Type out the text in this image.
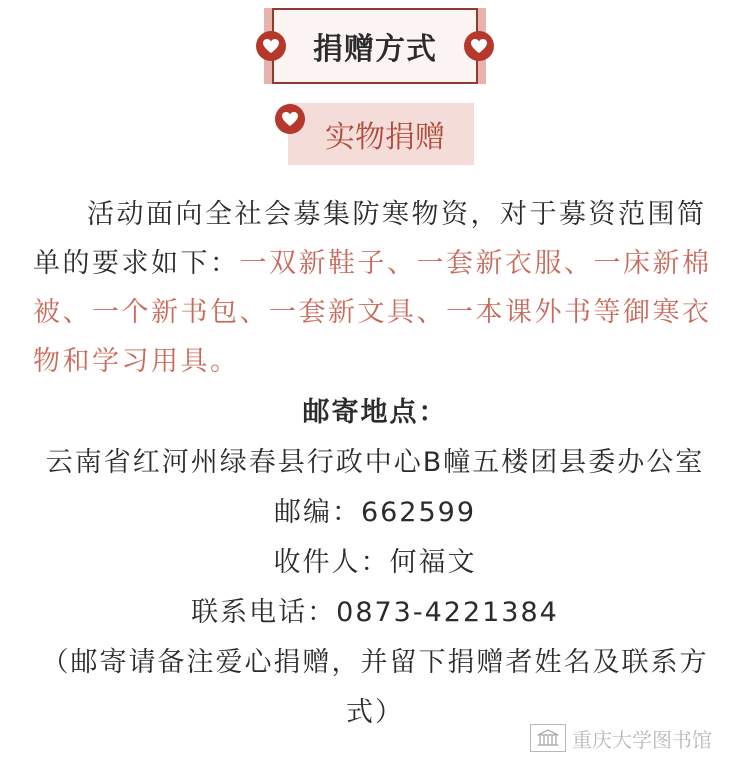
捐赠方式
实物捐赠
活动面向全社会募集防寒物资，对于募资范围简单的要求如下：一双新鞋子、一套新衣服、一床新棉被、一个新书包、一套新文具、一本课外书等御寒衣物和学习用具。
邮寄地点：
云南省红河州绿春县行政中心B幢五楼团县委办公室
邮编：662599
收件人：何福文
联系电话：0873-4221384
（邮寄请备注爱心捐赠，并留下捐赠者姓名及联系方式）
重庆大学图书馆
